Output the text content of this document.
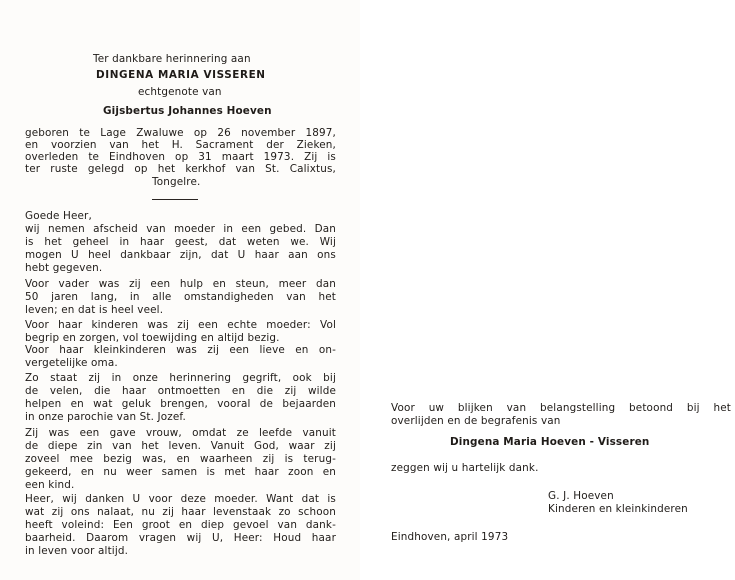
Ter dankbare herinnering aan
DINGENA MARIA VISSEREN
echtgenote van
Gijsbertus Johannes Hoeven
geboren te Lage Zwaluwe op 26 november 1897,
en voorzien van het H. Sacrament der Zieken,
overleden te Eindhoven op 31 maart 1973. Zij is
ter ruste gelegd op het kerkhof van St. Calixtus,
Tongelre.
Goede Heer,
wij nemen afscheid van moeder in een gebed. Dan
is het geheel in haar geest, dat weten we. Wij
mogen U heel dankbaar zijn, dat U haar aan ons
hebt gegeven.
Voor vader was zij een hulp en steun, meer dan
50 jaren lang, in alle omstandigheden van het
leven; en dat is heel veel.
Voor haar kinderen was zij een echte moeder: Vol
begrip en zorgen, vol toewijding en altijd bezig.
Voor haar kleinkinderen was zij een lieve en on-
vergetelijke oma.
Zo staat zij in onze herinnering gegrift, ook bij
de velen, die haar ontmoetten en die zij wilde
helpen en wat geluk brengen, vooral de bejaarden
in onze parochie van St. Jozef.
Zij was een gave vrouw, omdat ze leefde vanuit
de diepe zin van het leven. Vanuit God, waar zij
zoveel mee bezig was, en waarheen zij is terug-
gekeerd, en nu weer samen is met haar zoon en
een kind.
Heer, wij danken U voor deze moeder. Want dat is
wat zij ons nalaat, nu zij haar levenstaak zo schoon
heeft voleind: Een groot en diep gevoel van dank-
baarheid. Daarom vragen wij U, Heer: Houd haar
in leven voor altijd.
Voor uw blijken van belangstelling betoond bij het
overlijden en de begrafenis van
Dingena Maria Hoeven - Visseren
zeggen wij u hartelijk dank.
G. J. Hoeven
Kinderen en kleinkinderen
Eindhoven, april 1973
